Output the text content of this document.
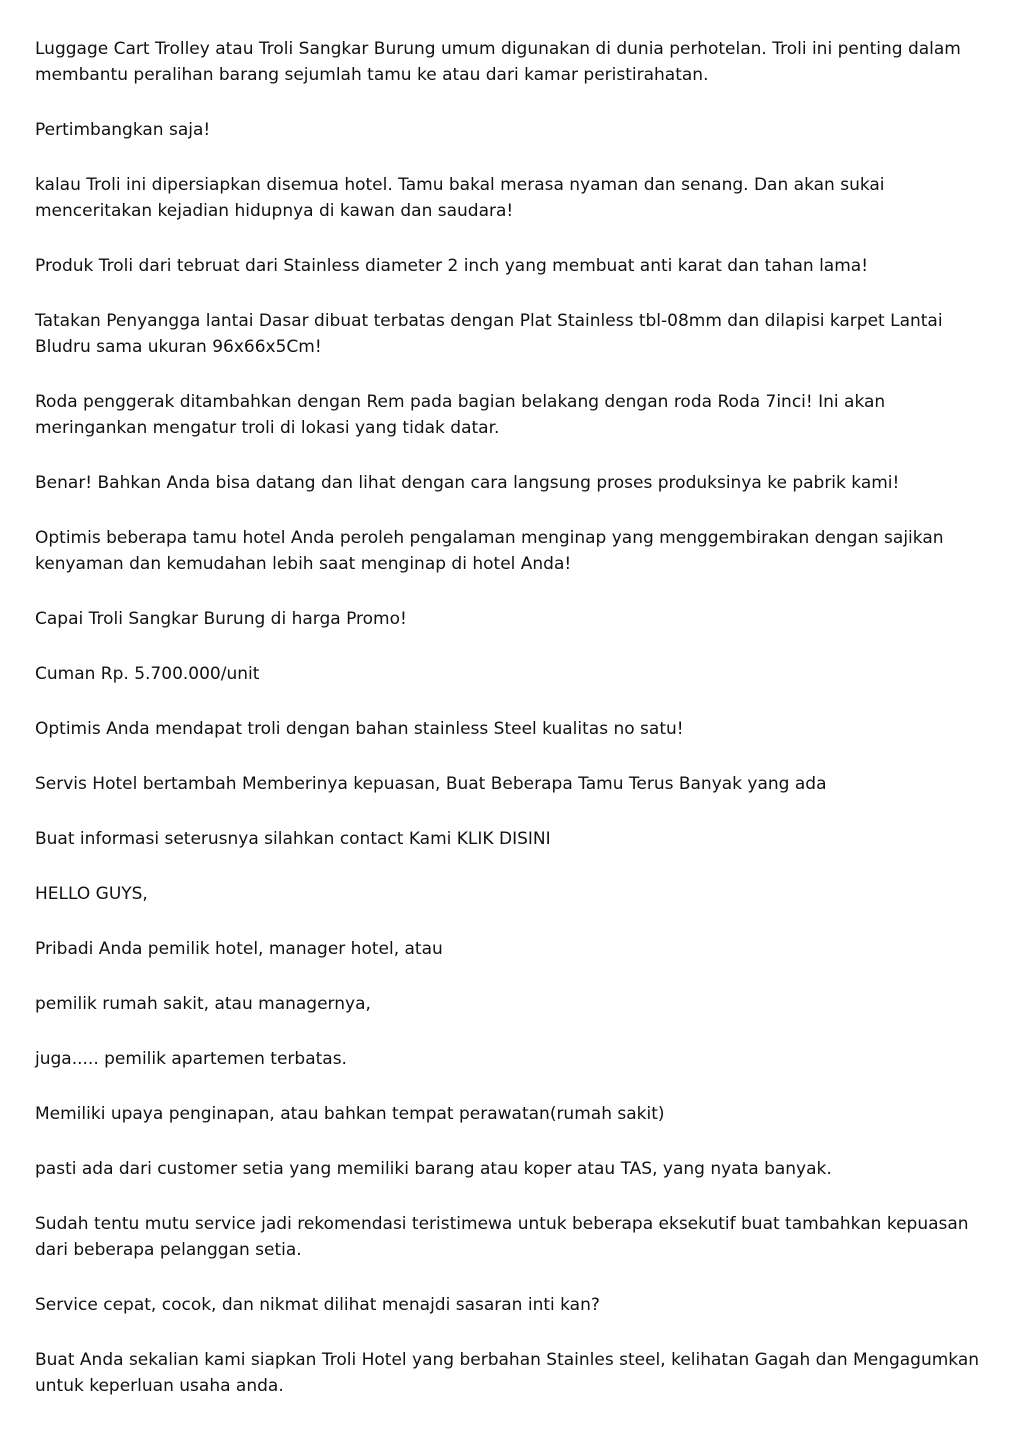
Luggage Cart Trolley atau Troli Sangkar Burung umum digunakan di dunia perhotelan. Troli ini penting dalam membantu peralihan barang sejumlah tamu ke atau dari kamar peristirahatan.

Pertimbangkan saja!

kalau Troli ini dipersiapkan disemua hotel. Tamu bakal merasa nyaman dan senang. Dan akan sukai menceritakan kejadian hidupnya di kawan dan saudara!

Produk Troli dari tebruat dari Stainless diameter 2 inch yang membuat anti karat dan tahan lama!

Tatakan Penyangga lantai Dasar dibuat terbatas dengan Plat Stainless tbl-08mm dan dilapisi karpet Lantai Bludru sama ukuran 96x66x5Cm!

Roda penggerak ditambahkan dengan Rem pada bagian belakang dengan roda Roda 7inci! Ini akan meringankan mengatur troli di lokasi yang tidak datar.

Benar! Bahkan Anda bisa datang dan lihat dengan cara langsung proses produksinya ke pabrik kami!

Optimis beberapa tamu hotel Anda peroleh pengalaman menginap yang menggembirakan dengan sajikan kenyaman dan kemudahan lebih saat menginap di hotel Anda!

Capai Troli Sangkar Burung di harga Promo!

Cuman Rp. 5.700.000/unit

Optimis Anda mendapat troli dengan bahan stainless Steel kualitas no satu!

Servis Hotel bertambah Memberinya kepuasan, Buat Beberapa Tamu Terus Banyak yang ada

Buat informasi seterusnya silahkan contact Kami KLIK DISINI

HELLO GUYS,

Pribadi Anda pemilik hotel, manager hotel, atau

pemilik rumah sakit, atau managernya,

juga..... pemilik apartemen terbatas.

Memiliki upaya penginapan, atau bahkan tempat perawatan(rumah sakit)

pasti ada dari customer setia yang memiliki barang atau koper atau TAS, yang nyata banyak.

Sudah tentu mutu service jadi rekomendasi teristimewa untuk beberapa eksekutif buat tambahkan kepuasan dari beberapa pelanggan setia.

Service cepat, cocok, dan nikmat dilihat menajdi sasaran inti kan?

Buat Anda sekalian kami siapkan Troli Hotel yang berbahan Stainles steel, kelihatan Gagah dan Mengagumkan untuk keperluan usaha anda.
